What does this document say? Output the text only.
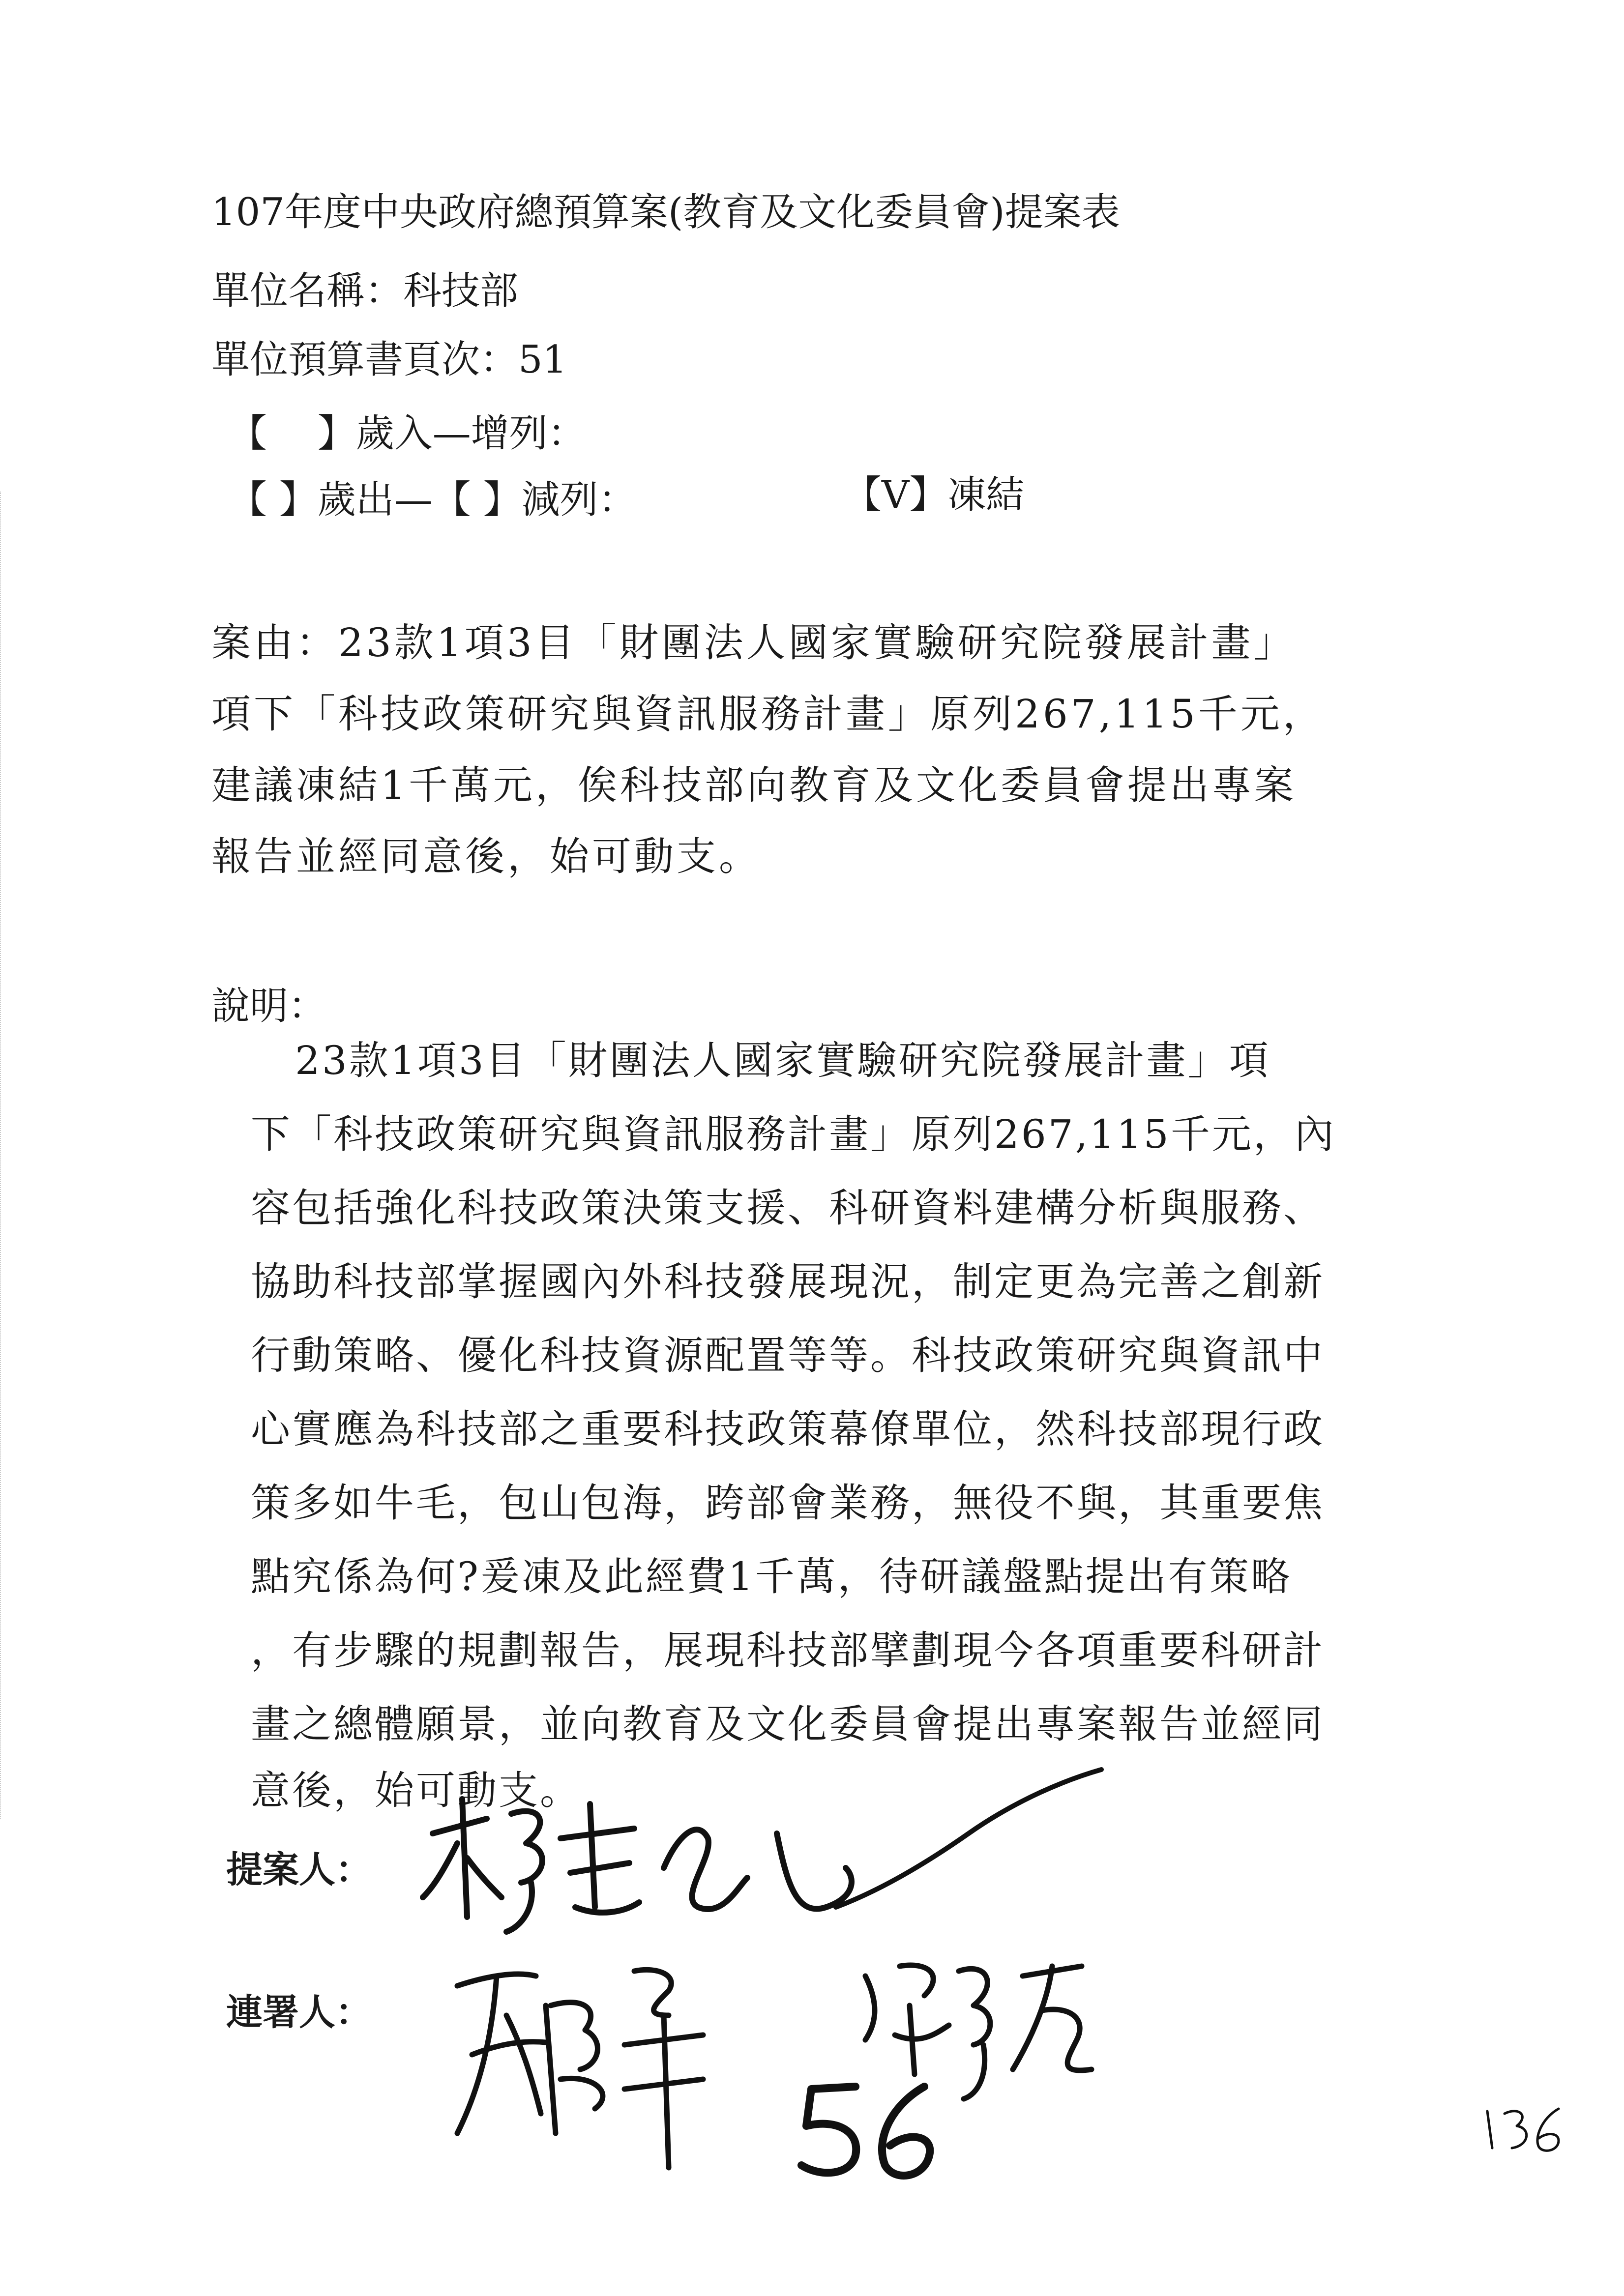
107年度中央政府總預算案(教育及文化委員會)提案表
單位名稱：科技部
單位預算書頁次：51
【　 】歲入—增列：
【 】歲出—【 】減列：	【V】凍結
案由：23款1項3目「財團法人國家實驗研究院發展計畫」
項下「科技政策研究與資訊服務計畫」原列267,115千元，
建議凍結1千萬元，俟科技部向教育及文化委員會提出專案
報告並經同意後，始可動支。
說明：
23款1項3目「財團法人國家實驗研究院發展計畫」項
下「科技政策研究與資訊服務計畫」原列267,115千元，內
容包括強化科技政策決策支援、科研資料建構分析與服務、
協助科技部掌握國內外科技發展現況，制定更為完善之創新
行動策略、優化科技資源配置等等。科技政策研究與資訊中
心實應為科技部之重要科技政策幕僚單位，然科技部現行政
策多如牛毛，包山包海，跨部會業務，無役不與，其重要焦
點究係為何?爰凍及此經費1千萬，待研議盤點提出有策略
，有步驟的規劃報告，展現科技部擘劃現今各項重要科研計
畫之總體願景，並向教育及文化委員會提出專案報告並經同
意後，始可動支。
提案人：
連署人：
56
136
